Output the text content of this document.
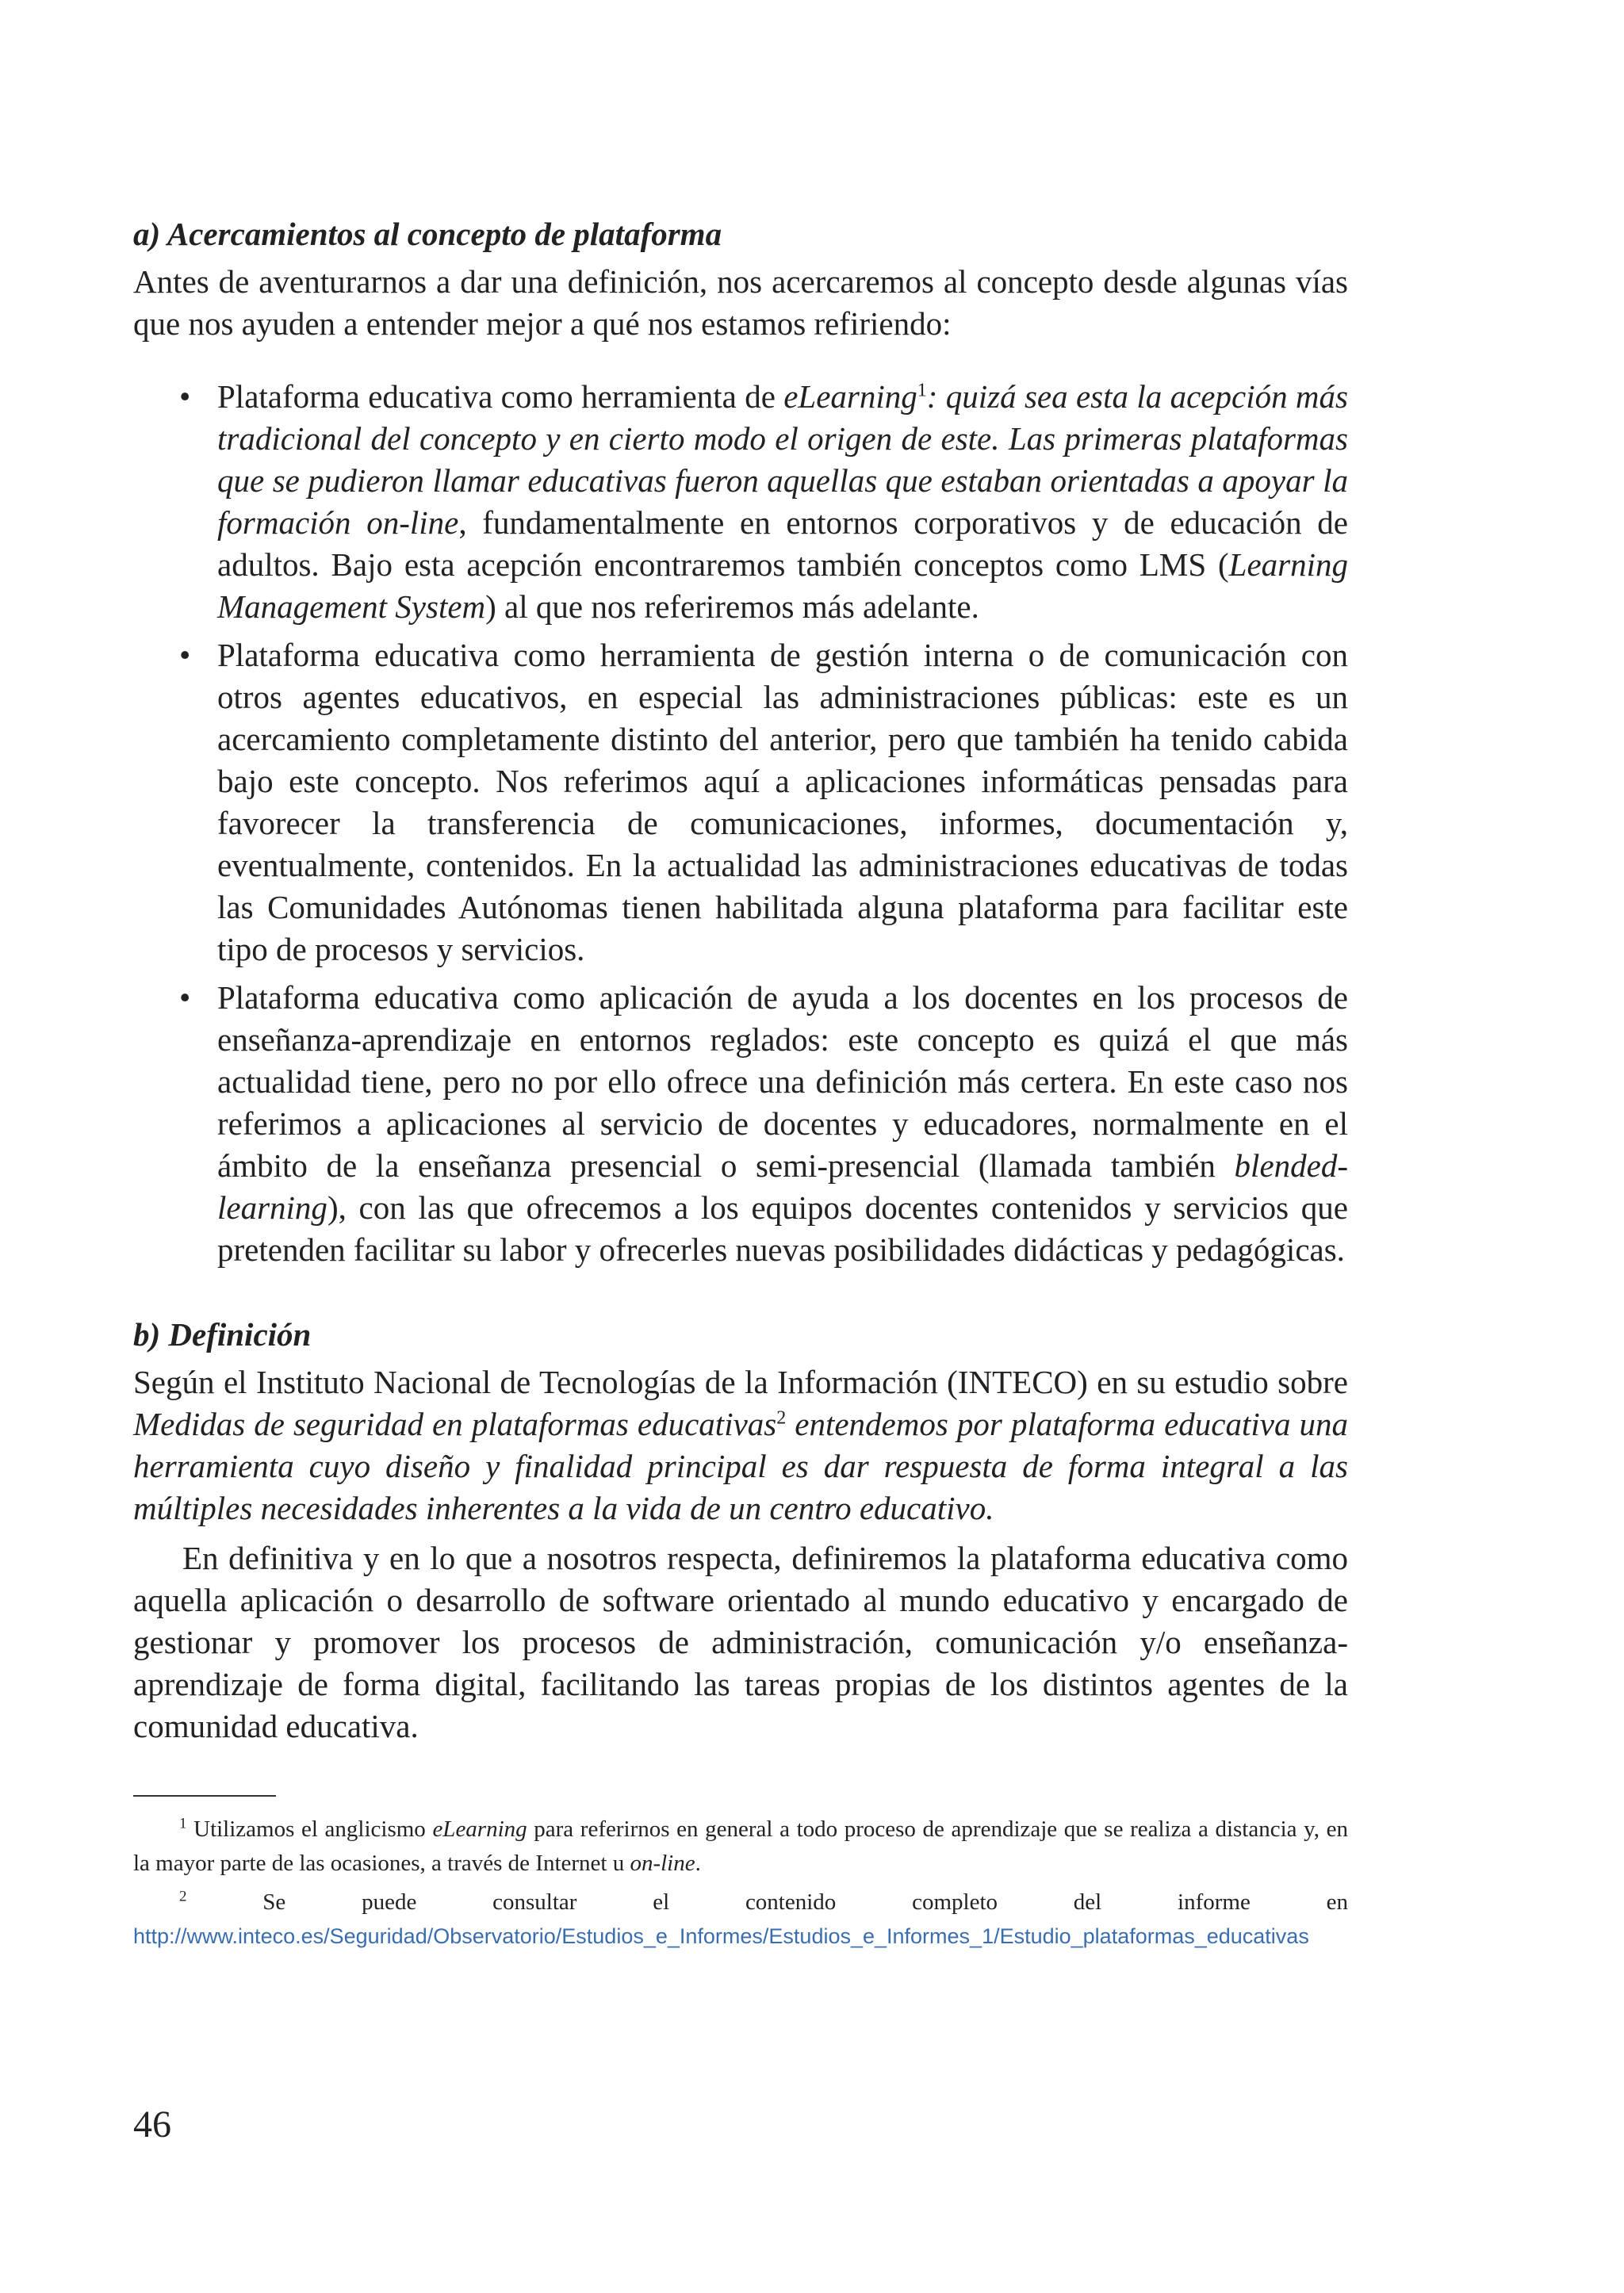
a) Acercamientos al concepto de plataforma

Antes de aventurarnos a dar una definición, nos acercaremos al concepto desde algunas vías que nos ayuden a entender mejor a qué nos estamos refiriendo:

• Plataforma educativa como herramienta de eLearning$^1$: quizá sea esta la acepción más tradicional del concepto y en cierto modo el origen de este. Las primeras plataformas que se pudieron llamar educativas fueron aquellas que estaban orientadas a apoyar la formación on-line, fundamentalmente en entornos corporativos y de educación de adultos. Bajo esta acepción encontraremos también conceptos como LMS (Learning Management System) al que nos referiremos más adelante.
• Plataforma educativa como herramienta de gestión interna o de comunicación con otros agentes educativos, en especial las administraciones públicas: este es un acercamiento completamente distinto del anterior, pero que también ha tenido cabida bajo este concepto. Nos referimos aquí a aplicaciones informáticas pensadas para favorecer la transferencia de comunicaciones, informes, documentación y, eventualmente, contenidos. En la actualidad las administraciones educativas de todas las Comunidades Autónomas tienen habilitada alguna plataforma para facilitar este tipo de procesos y servicios.
• Plataforma educativa como aplicación de ayuda a los docentes en los procesos de enseñanza-aprendizaje en entornos reglados: este concepto es quizá el que más actualidad tiene, pero no por ello ofrece una definición más certera. En este caso nos referimos a aplicaciones al servicio de docentes y educadores, normalmente en el ámbito de la enseñanza presencial o semi-presencial (llamada también blended-learning), con las que ofrecemos a los equipos docentes contenidos y servicios que pretenden facilitar su labor y ofrecerles nuevas posibilidades didácticas y pedagógicas.
b) Definición

Según el Instituto Nacional de Tecnologías de la Información (INTECO) en su estudio sobre Medidas de seguridad en plataformas educativas$^2$ entendemos por plataforma educativa una herramienta cuyo diseño y finalidad principal es dar respuesta de forma integral a las múltiples necesidades inherentes a la vida de un centro educativo.

En definitiva y en lo que a nosotros respecta, definiremos la plataforma educativa como aquella aplicación o desarrollo de software orientado al mundo educativo y encargado de gestionar y promover los procesos de administración, comunicación y/o enseñanza-aprendizaje de forma digital, facilitando las tareas propias de los distintos agentes de la comunidad educativa.

$^1$ Utilizamos el anglicismo eLearning para referirnos en general a todo proceso de aprendizaje que se realiza a distancia y, en la mayor parte de las ocasiones, a través de Internet u on-line.

$^2$ Se puede consultar el contenido completo del informe en http://www.inteco.es/Seguridad/Observatorio/Estudios_e_Informes/Estudios_e_Informes_1/Estudio_plataformas_educativas

46
